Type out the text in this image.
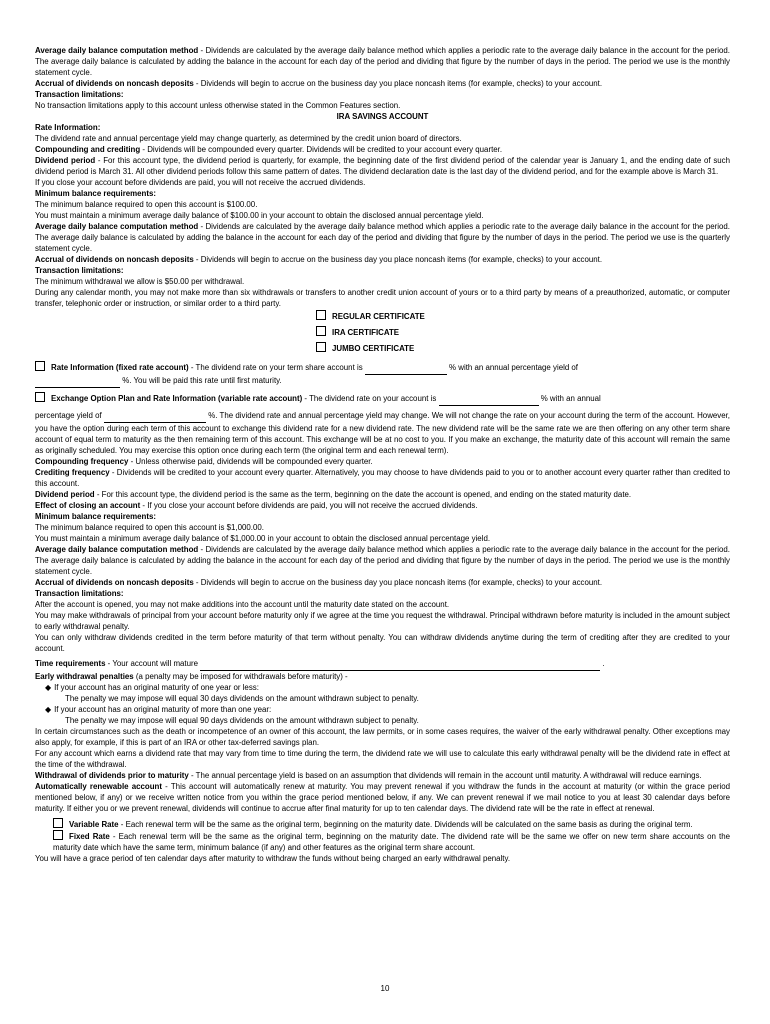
Average daily balance computation method - Dividends are calculated by the average daily balance method which applies a periodic rate to the average daily balance in the account for the period. The average daily balance is calculated by adding the balance in the account for each day of the period and dividing that figure by the number of days in the period. The period we use is the monthly statement cycle.

Accrual of dividends on noncash deposits - Dividends will begin to accrue on the business day you place noncash items (for example, checks) to your account.

Transaction limitations:

No transaction limitations apply to this account unless otherwise stated in the Common Features section.

IRA SAVINGS ACCOUNT

Rate Information:

The dividend rate and annual percentage yield may change quarterly, as determined by the credit union board of directors.

Compounding and crediting - Dividends will be compounded every quarter. Dividends will be credited to your account every quarter.

Dividend period - For this account type, the dividend period is quarterly, for example, the beginning date of the first dividend period of the calendar year is January 1, and the ending date of such dividend period is March 31. All other dividend periods follow this same pattern of dates. The dividend declaration date is the last day of the dividend period, and for the example above is March 31.

If you close your account before dividends are paid, you will not receive the accrued dividends.

Minimum balance requirements:

The minimum balance required to open this account is $100.00.

You must maintain a minimum average daily balance of $100.00 in your account to obtain the disclosed annual percentage yield.

Average daily balance computation method - Dividends are calculated by the average daily balance method which applies a periodic rate to the average daily balance in the account for the period. The average daily balance is calculated by adding the balance in the account for each day of the period and dividing that figure by the number of days in the period. The period we use is the quarterly statement cycle.

Accrual of dividends on noncash deposits - Dividends will begin to accrue on the business day you place noncash items (for example, checks) to your account.

Transaction limitations:

The minimum withdrawal we allow is $50.00 per withdrawal.

During any calendar month, you may not make more than six withdrawals or transfers to another credit union account of yours or to a third party by means of a preauthorized, automatic, or computer transfer, telephonic order or instruction, or similar order to a third party.

REGULAR CERTIFICATE

IRA CERTIFICATE

JUMBO CERTIFICATE

Rate Information (fixed rate account) - The dividend rate on your term share account is	% with an annual percentage yield of

%. You will be paid this rate until first maturity.

Exchange Option Plan and Rate Information (variable rate account) - The dividend rate on your account is	% with an annual

percentage yield of	%. The dividend rate and annual percentage yield may change. We will not change the rate on your account during the term of the account. However, you have the option during each term of this account to exchange this dividend rate for a new dividend rate. The new dividend rate will be the same rate we are then offering on any other term share account of equal term to maturity as the then remaining term of this account. This exchange will be at no cost to you. If you make an exchange, the maturity date of this account will remain the same as originally scheduled. You may exercise this option once during each term (the original term and each renewal term).

Compounding frequency - Unless otherwise paid, dividends will be compounded every quarter.

Crediting frequency - Dividends will be credited to your account every quarter. Alternatively, you may choose to have dividends paid to you or to another account every quarter rather than credited to this account.

Dividend period - For this account type, the dividend period is the same as the term, beginning on the date the account is opened, and ending on the stated maturity date.

Effect of closing an account - If you close your account before dividends are paid, you will not receive the accrued dividends.

Minimum balance requirements:

The minimum balance required to open this account is $1,000.00.

You must maintain a minimum average daily balance of $1,000.00 in your account to obtain the disclosed annual percentage yield.

Average daily balance computation method - Dividends are calculated by the average daily balance method which applies a periodic rate to the average daily balance in the account for the period. The average daily balance is calculated by adding the balance in the account for each day of the period and dividing that figure by the number of days in the period. The period we use is the monthly statement cycle.

Accrual of dividends on noncash deposits - Dividends will begin to accrue on the business day you place noncash items (for example, checks) to your account.

Transaction limitations:

After the account is opened, you may not make additions into the account until the maturity date stated on the account.

You may make withdrawals of principal from your account before maturity only if we agree at the time you request the withdrawal. Principal withdrawn before maturity is included in the amount subject to early withdrawal penalty.

You can only withdraw dividends credited in the term before maturity of that term without penalty. You can withdraw dividends anytime during the term of crediting after they are credited to your account.

Time requirements - Your account will mature	.

Early withdrawal penalties (a penalty may be imposed for withdrawals before maturity) -

◆ If your account has an original maturity of one year or less:

The penalty we may impose will equal 30 days dividends on the amount withdrawn subject to penalty.

◆ If your account has an original maturity of more than one year:

The penalty we may impose will equal 90 days dividends on the amount withdrawn subject to penalty.

In certain circumstances such as the death or incompetence of an owner of this account, the law permits, or in some cases requires, the waiver of the early withdrawal penalty. Other exceptions may also apply, for example, if this is part of an IRA or other tax-deferred savings plan.

For any account which earns a dividend rate that may vary from time to time during the term, the dividend rate we will use to calculate this early withdrawal penalty will be the dividend rate in effect at the time of the withdrawal.

Withdrawal of dividends prior to maturity - The annual percentage yield is based on an assumption that dividends will remain in the account until maturity. A withdrawal will reduce earnings.

Automatically renewable account - This account will automatically renew at maturity. You may prevent renewal if you withdraw the funds in the account at maturity (or within the grace period mentioned below, if any) or we receive written notice from you within the grace period mentioned below, if any. We can prevent renewal if we mail notice to you at least 30 calendar days before maturity. If either you or we prevent renewal, dividends will continue to accrue after final maturity for up to ten calendar days. The dividend rate will be the rate in effect at renewal.

Variable Rate - Each renewal term will be the same as the original term, beginning on the maturity date. Dividends will be calculated on the same basis as during the original term.

Fixed Rate - Each renewal term will be the same as the original term, beginning on the maturity date. The dividend rate will be the same we offer on new term share accounts on the maturity date which have the same term, minimum balance (if any) and other features as the original term share account.

You will have a grace period of ten calendar days after maturity to withdraw the funds without being charged an early withdrawal penalty.

10
